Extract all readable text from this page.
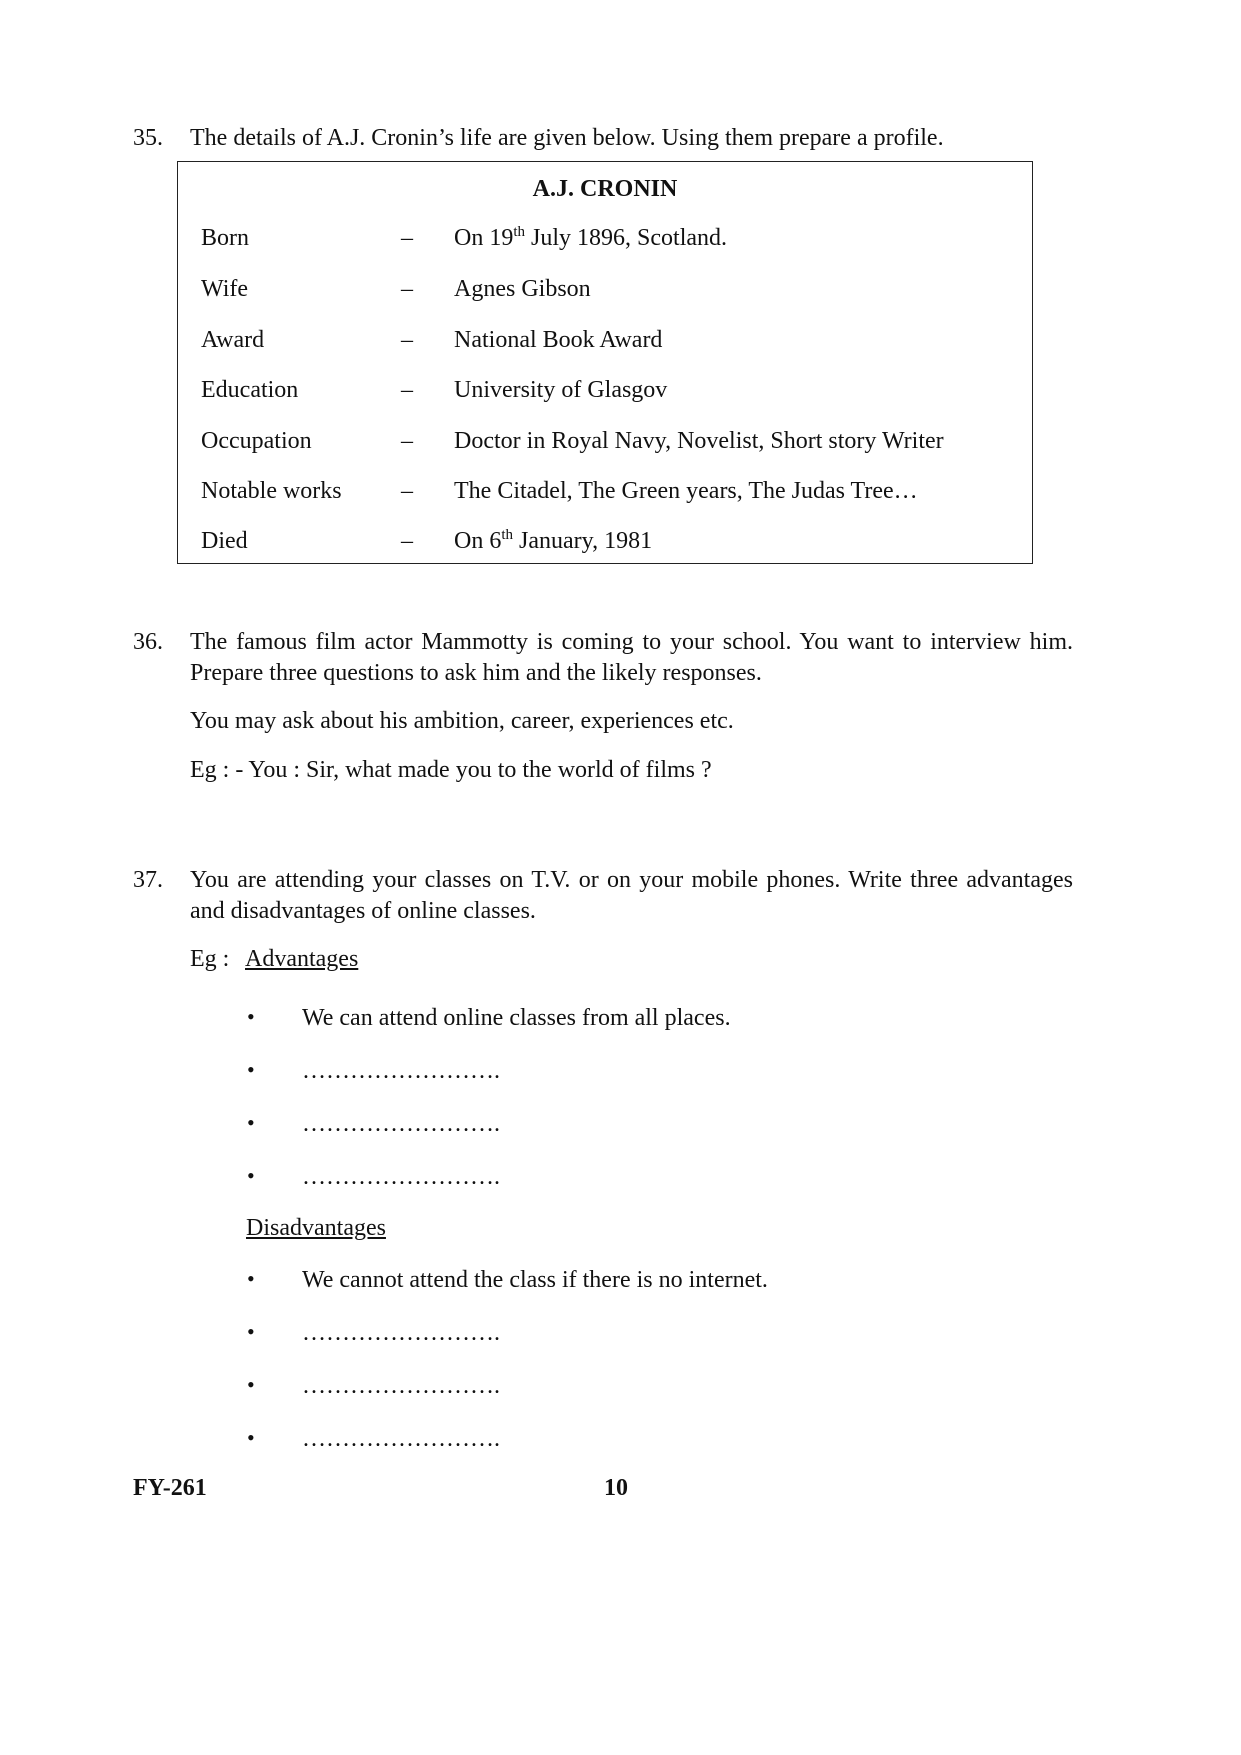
35. The details of A.J. Cronin’s life are given below. Using them prepare a profile.

A.J. CRONIN
Born	– On 19th July 1896, Scotland.
Wife	– Agnes Gibson
Award	– National Book Award
Education	– University of Glasgov
Occupation	– Doctor in Royal Navy, Novelist, Short story Writer
Notable works – The Citadel, The Green years, The Judas Tree…
Died	– On 6th January, 1981
36. The famous film actor Mammotty is coming to your school. You want to interview him. Prepare three questions to ask him and the likely responses.

You may ask about his ambition, career, experiences etc.

Eg : - You : Sir, what made you to the world of films ?

37. You are attending your classes on T.V. or on your mobile phones. Write three advantages and disadvantages of online classes.

Eg : Advantages
• We can attend online classes from all places.
• …………………….
• …………………….
• …………………….
Disadvantages
• We cannot attend the class if there is no internet.
• …………………….
• …………………….
• …………………….
FY-261	10
